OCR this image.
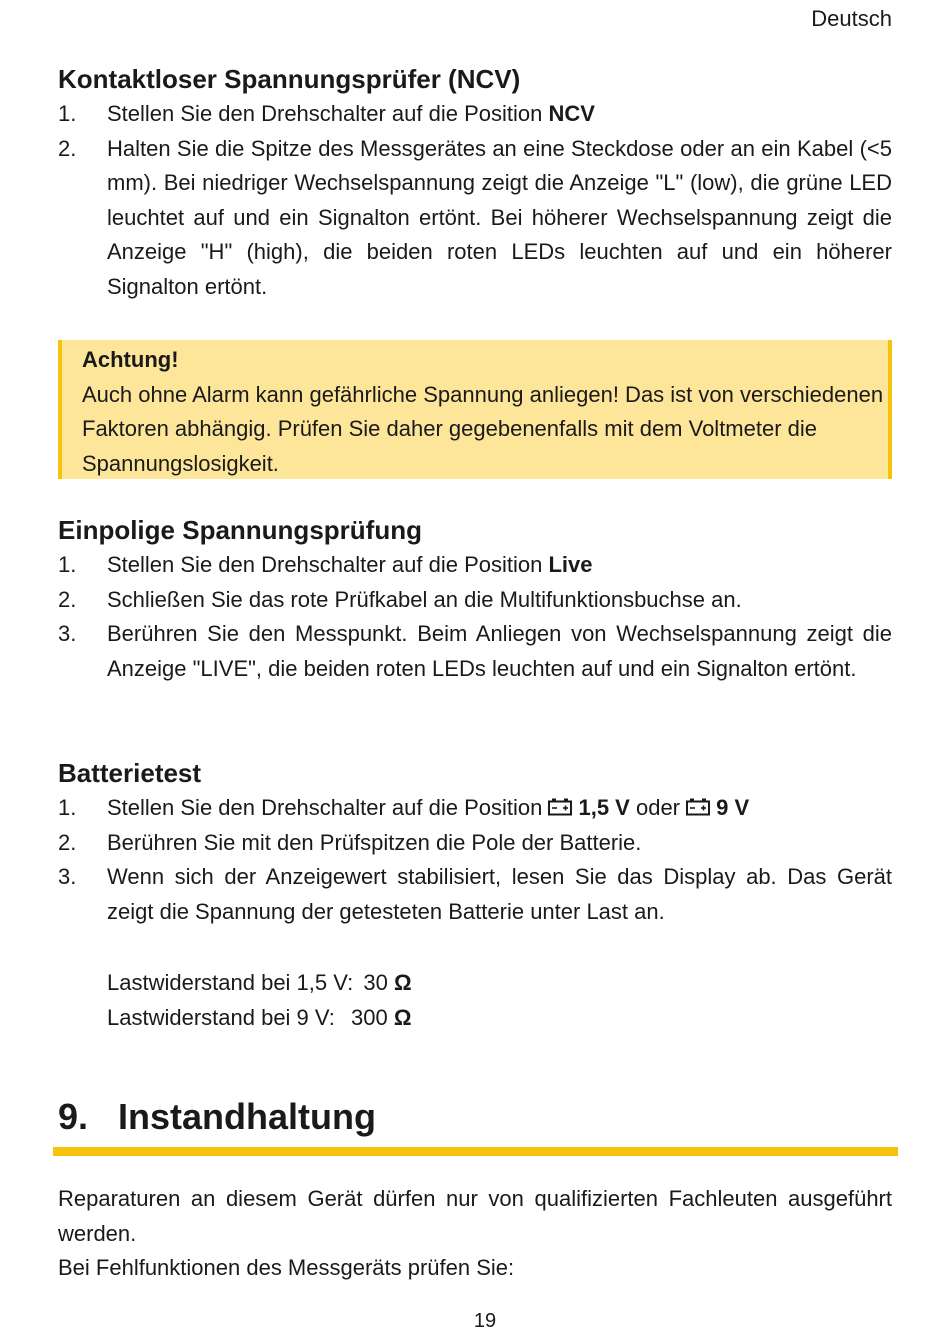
Deutsch
Kontaktloser Spannungsprüfer (NCV)
1. Stellen Sie den Drehschalter auf die Position NCV
2. Halten Sie die Spitze des Messgerätes an eine Steckdose oder an ein Kabel (<5 mm). Bei niedriger Wechselspannung zeigt die Anzeige "L" (low), die grüne LED leuchtet auf und ein Signalton ertönt. Bei höherer Wechselspannung zeigt die Anzeige "H" (high), die beiden roten LEDs leuchten auf und ein höherer Signalton ertönt.
Achtung!
Auch ohne Alarm kann gefährliche Spannung anliegen! Das ist von verschiedenen Faktoren abhängig. Prüfen Sie daher gegebenenfalls mit dem Voltmeter die Spannungslosigkeit.
Einpolige Spannungsprüfung
1. Stellen Sie den Drehschalter auf die Position Live
2. Schließen Sie das rote Prüfkabel an die Multifunktionsbuchse an.
3. Berühren Sie den Messpunkt. Beim Anliegen von Wechselspannung zeigt die Anzeige "LIVE", die beiden roten LEDs leuchten auf und ein Signalton ertönt.
Batterietest
1. Stellen Sie den Drehschalter auf die Position 1,5 V oder 9 V
2. Berühren Sie mit den Prüfspitzen die Pole der Batterie.
3. Wenn sich der Anzeigewert stabilisiert, lesen Sie das Display ab. Das Gerät zeigt die Spannung der getesteten Batterie unter Last an.
Lastwiderstand bei 1,5 V: 30 Ω
Lastwiderstand bei 9 V: 300 Ω
9.   Instandhaltung
Reparaturen an diesem Gerät dürfen nur von qualifizierten Fachleuten ausgeführt werden.
Bei Fehlfunktionen des Messgeräts prüfen Sie:
19
